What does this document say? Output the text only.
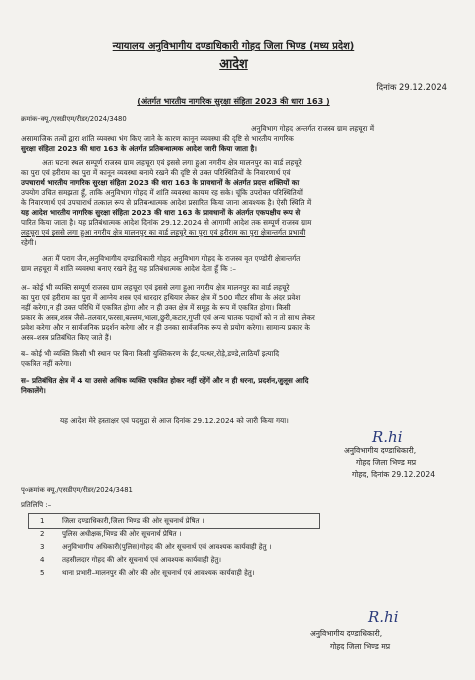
न्यायालय अनुविभागीय दण्डाधिकारी गोहद जिला भिण्ड (मध्य प्रदेश)
आदेश
दिनांक 29.12.2024
(अंतर्गत भारतीय नागरिक सुरक्षा संहिता 2023 की धारा 163 )
क्रमांक–क्यू./एसडीएम/रीडर/2024/3480
अनुविभाग गोहद अन्तर्गत राजस्व ग्राम लहचूरा में
असामाजिक तत्वों द्वारा शांति व्यवस्था भंग किए जाने के कारण कानून व्यवस्था की दृष्टि से भारतीय नागरिक
सुरक्षा संहिता 2023 की धारा 163 के अंतर्गत प्रतिबन्धात्मक आदेश जारी किया जाता है।
अतः घटना स्थल सम्पूर्ण राजस्व ग्राम लहचूरा एवं इससे लगा हुआ नगरीय क्षेत्र मालनपुर का वार्ड लहचूरे
का पुरा एवं हरीराम का पुरा में कानून व्यवस्था बनाये रखने की दृष्टि से उक्त परिस्थितियों के निवारणार्थ एवं
उपचारार्थ भारतीय नागरिक सुरक्षा संहिता 2023 की धारा 163 के प्रावधानों के अंतर्गत प्रदत्त शक्तियों का
उपयोग उचित समझता हूँ, ताकि अनुविभाग गोहद में शांति व्यवस्था कायम रह सके। चूंकि उपरोक्त परिस्थितियों
के निवारणार्थ एवं उपचारार्थ तत्काल रूप से प्रतिबन्धात्मक आदेश प्रसारित किया जाना आवश्यक है। ऐसी स्थिति में
यह आदेश भारतीय नागरिक सुरक्षा संहिता 2023 की धारा 163 के प्रावधानों के अंतर्गत एकपक्षीय रूप से
पारित किया जाता है। यह प्रतिबंधात्मक आदेश दिनांक 29.12.2024 से आगामी आदेश तक सम्पूर्ण राजस्व ग्राम
लहचूरा एवं इससे लगा हुआ नगरीय क्षेत्र मालनपुर का वार्ड लहचूरे का पुरा एवं हरीराम का पुरा क्षेत्रान्तर्गत प्रभावी
रहेगी।
अतः मैं पराग जैन,अनुविभागीय दण्डाधिकारी गोहद अनुविभाग गोहद के राजस्व वृत एण्डोरी क्षेत्रान्तर्गत
ग्राम लहचूरा में शांति व्यवस्था बनाए रखने हेतु यह प्रतिबंधात्मक आदेश देता हूँ कि :–
अ– कोई भी व्यक्ति सम्पूर्ण राजस्व ग्राम लहचूरा एवं इससे लगा हुआ नगरीय क्षेत्र मालनपुर का वार्ड लहचूरे
का पुरा एवं हरीराम का पुरा में आग्नेय शस्त्र एवं धारदार हथियार लेकर क्षेत्र में 500 मीटर सीमा के अंदर प्रवेश
नहीं करेगा,न ही उक्त परिधि में एकत्रित होगा और न ही उक्त क्षेत्र में समूह के रूप में एकत्रित होगा। किसी
प्रकार के अस्त्र,शस्त्र जैसे–तलवार,फरसा,बल्लम,भाला,छुरी,कटार,गुप्ती एवं अन्य घातक पदार्थो को न तो साथ लेकर
प्रवेश करेगा और न सार्वजनिक प्रदर्शन करेगा और न ही उनका सार्वजनिक रूप से प्रयोग करेगा। सामान्य प्रकार के
अस्त्र–शस्त्र प्रतिबंधित किए जाते हैं।
ब– कोई भी व्यक्ति किसी भी स्थान पर बिना किसी युक्तिकरण के ईंट,पत्थर,रोड़े,डण्डे,लाठियाँ इत्यादि
एकत्रित नहीं करेगा।
स– प्रतिबंधित क्षेत्र में 4 या उससे अधिक व्यक्ति एकत्रित होकर नहीं रहेंगें और न ही धरना, प्रदर्शन,जुलूस आदि
निकालेंगे।
यह आदेश मेरे हस्ताक्षर एवं पदमुद्रा से आज दिनांक 29.12.2024 को जारी किया गया।
R.hi
अनुविभागीय दण्डाधिकारी,
गोहद जिला भिण्ड मप्र
गोहद, दिनांक 29.12.2024
पृ०क्रमांक क्यू./एसडीएम/रीडर/2024/3481
प्रतिलिपि :–
1	जिला दण्डाधिकारी,जिला भिण्ड की ओर सूचनार्थ प्रेषित ।
2	पुलिस अधीक्षक,भिण्ड की ओर सूचनार्थ प्रेषित ।
3	अनुविभागीय अधिकारी(पुलिस)गोहद की ओर सूचनार्थ एवं आवश्यक कार्यवाही हेतु ।
4	तहसीलदार गोहद की ओर सूचनार्थ एवं आवश्यक कार्यवाही हेतु।
5	थाना प्रभारी–मालनपुर की ओर की ओर सूचनार्थ एवं आवश्यक कार्यवाही हेतु।
R.hi
अनुविभागीय दण्डाधिकारी,
गोहद जिला भिण्ड मप्र
